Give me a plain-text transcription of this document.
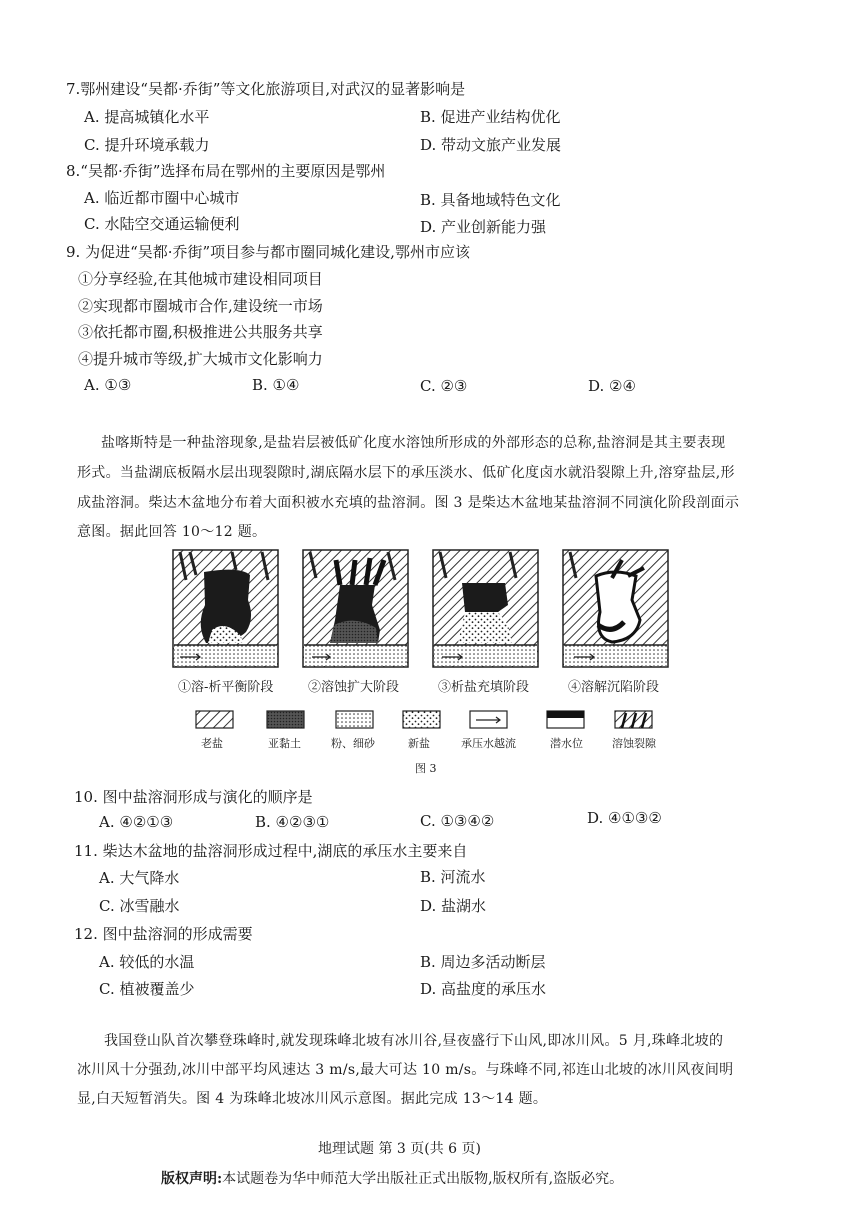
7.鄂州建设“吴都·乔街”等文化旅游项目,对武汉的显著影响是
A. 提高城镇化水平	B. 促进产业结构优化
C. 提升环境承载力	D. 带动文旅产业发展
8.“吴都·乔街”选择布局在鄂州的主要原因是鄂州
A. 临近都市圈中心城市	B. 具备地域特色文化
C. 水陆空交通运输便利	D. 产业创新能力强
9. 为促进“吴都·乔街”项目参与都市圈同城化建设,鄂州市应该
①分享经验,在其他城市建设相同项目
②实现都市圈城市合作,建设统一市场
③依托都市圈,积极推进公共服务共享
④提升城市等级,扩大城市文化影响力
A. ①③	B. ①④	C. ②③	D. ②④
盐喀斯特是一种盐溶现象,是盐岩层被低矿化度水溶蚀所形成的外部形态的总称,盐溶洞是其主要表现
形式。当盐湖底板隔水层出现裂隙时,湖底隔水层下的承压淡水、低矿化度卤水就沿裂隙上升,溶穿盐层,形
成盐溶洞。柴达木盆地分布着大面积被水充填的盐溶洞。图 3 是柴达木盆地某盐溶洞不同演化阶段剖面示
意图。据此回答 10～12 题。
①溶-析平衡阶段	②溶蚀扩大阶段	③析盐充填阶段	④溶解沉陷阶段
老盐	亚黏土	粉、细砂	新盐	承压水越流	潜水位	溶蚀裂隙
图 3
10. 图中盐溶洞形成与演化的顺序是
A. ④②①③	B. ④②③①	C. ①③④②	D. ④①③②
11. 柴达木盆地的盐溶洞形成过程中,湖底的承压水主要来自
A. 大气降水	B. 河流水
C. 冰雪融水	D. 盐湖水
12. 图中盐溶洞的形成需要
A. 较低的水温	B. 周边多活动断层
C. 植被覆盖少	D. 高盐度的承压水
我国登山队首次攀登珠峰时,就发现珠峰北坡有冰川谷,昼夜盛行下山风,即冰川风。5 月,珠峰北坡的
冰川风十分强劲,冰川中部平均风速达 3 m/s,最大可达 10 m/s。与珠峰不同,祁连山北坡的冰川风夜间明
显,白天短暂消失。图 4 为珠峰北坡冰川风示意图。据此完成 13～14 题。
地理试题 第 3 页(共 6 页)
版权声明:本试题卷为华中师范大学出版社正式出版物,版权所有,盗版必究。
